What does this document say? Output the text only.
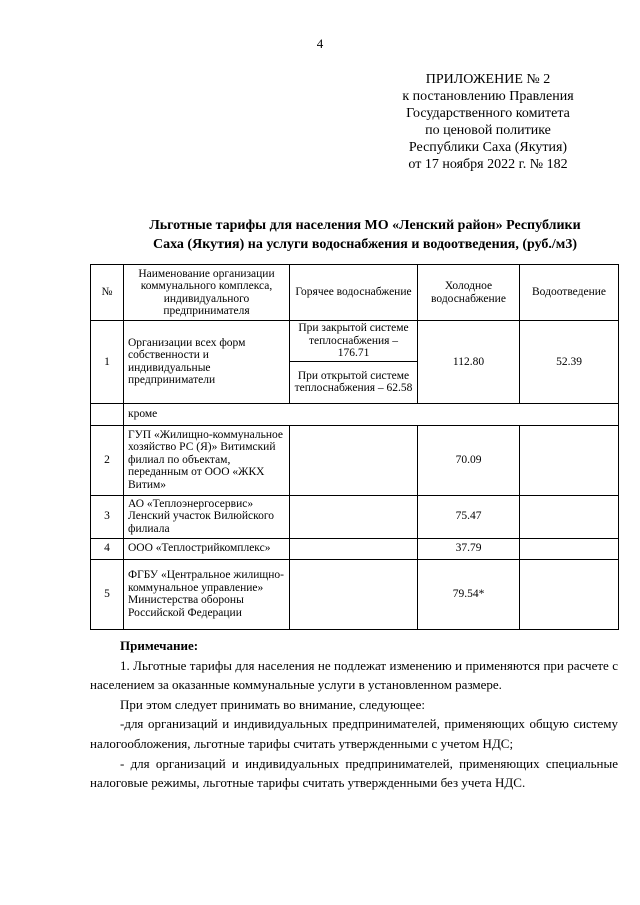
4
ПРИЛОЖЕНИЕ № 2
к постановлению Правления
Государственного комитета
по ценовой политике
Республики Саха (Якутия)
от 17 ноября 2022 г. № 182
Льготные тарифы для населения МО «Ленский район» Республики
Саха (Якутия) на услуги водоснабжения и водоотведения, (руб./м3)
№	Наименование организации коммунального комплекса, индивидуального предпринимателя	Горячее водоснабжение	Холодное водоснабжение	Водоотведение
1	Организации всех форм собственности и индивидуальные предприниматели	При закрытой системе теплоснабжения – 176.71	112.80	52.39
		При открытой системе теплоснабжения – 62.58		
	кроме			
2	ГУП «Жилищно-коммунальное хозяйство РС (Я)» Витимский филиал по объектам, переданным от ООО «ЖКХ Витим»		70.09	
3	АО «Теплоэнергосервис» Ленский участок Вилюйского филиала		75.47	
4	ООО «Теплострийкомплекс»		37.79	
5	ФГБУ «Центральное жилищно-коммунальное управление» Министерства обороны Российской Федерации		79.54*	

Примечание:

1. Льготные тарифы для населения не подлежат изменению и применяются при расчете с населением за оказанные коммунальные услуги в установленном размере.

При этом следует принимать во внимание, следующее:

-для организаций и индивидуальных предпринимателей, применяющих общую систему налогообложения, льготные тарифы считать утвержденными с учетом НДС;

- для организаций и индивидуальных предпринимателей, применяющих специальные налоговые режимы, льготные тарифы считать утвержденными без учета НДС.
